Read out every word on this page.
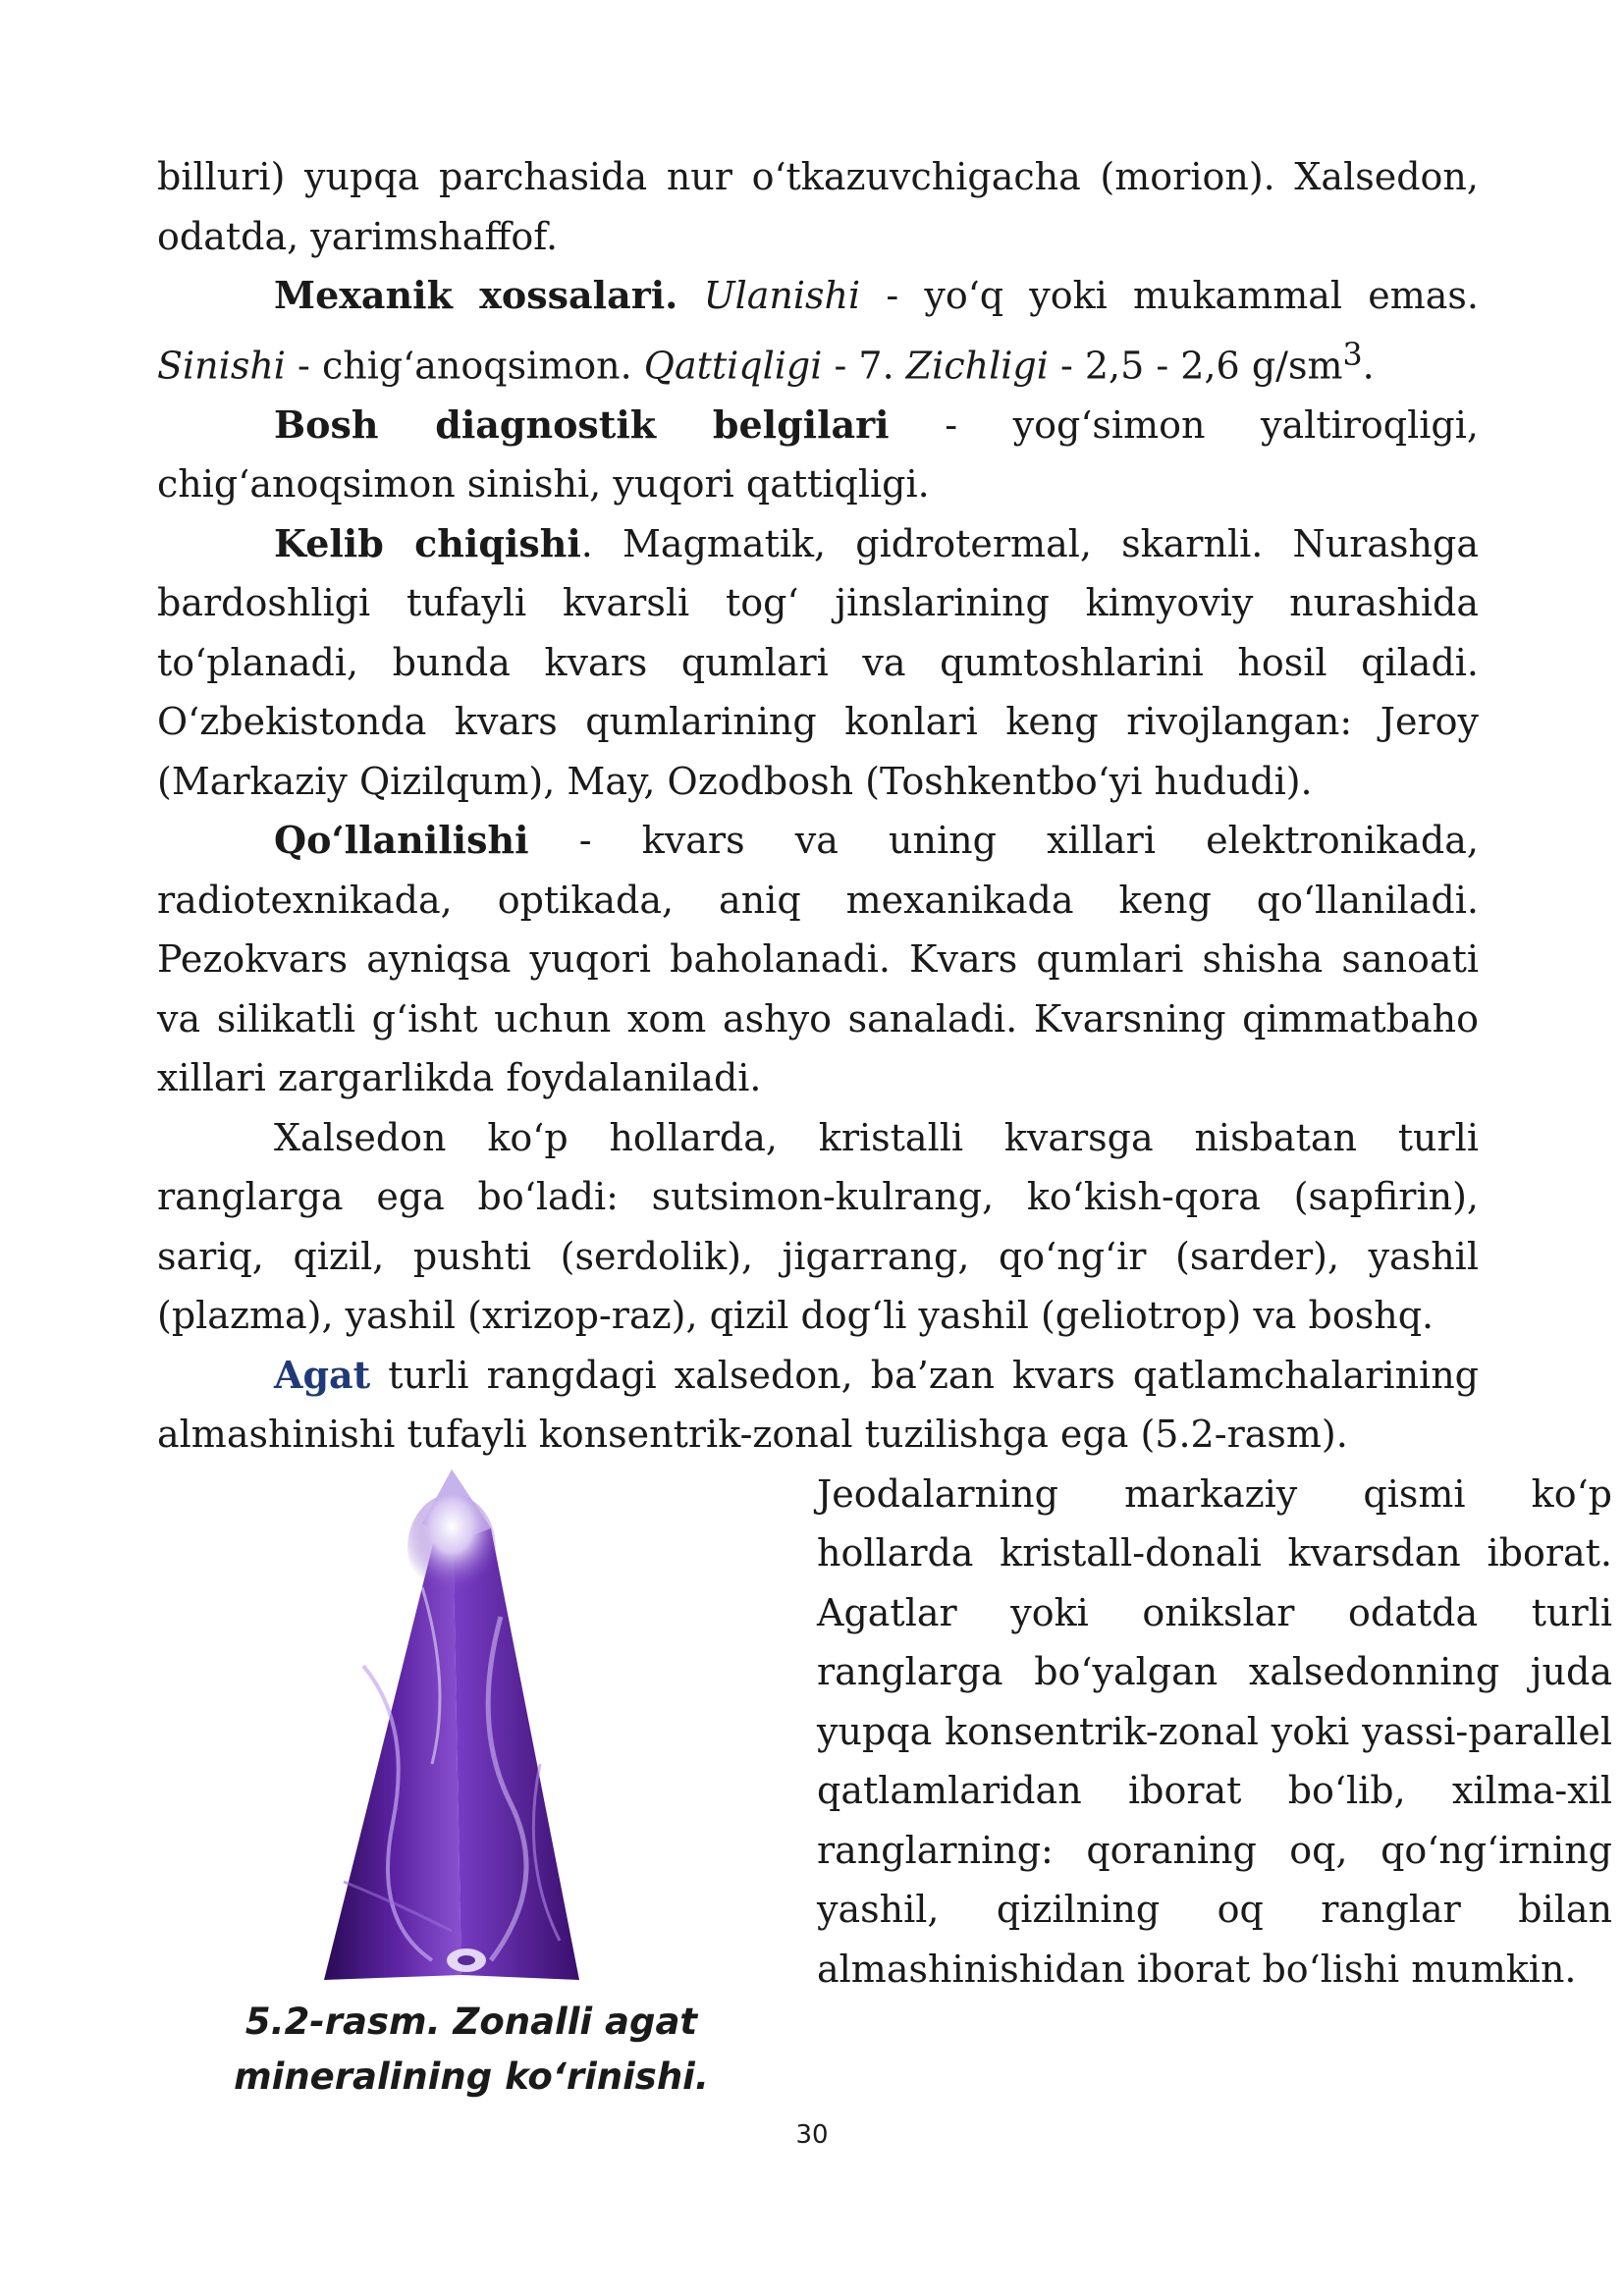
billuri) yupqa parchasida nur o‘tkazuvchigacha (morion). Xalsedon, odatda, yarimshaffof.

Mexanik xossalari. Ulanishi - yo‘q yoki mukammal emas. Sinishi - chig‘anoqsimon. Qattiqligi - 7. Zichligi - 2,5 - 2,6 $g/sm^3$.

Bosh diagnostik belgilari - yog‘simon yaltiroqligi, chig‘anoqsimon sinishi, yuqori qattiqligi.

Kelib chiqishi. Magmatik, gidrotermal, skarnli. Nurashga bardoshligi tufayli kvarsli tog‘ jinslarining kimyoviy nurashida to‘planadi, bunda kvars qumlari va qumtoshlarini hosil qiladi. O‘zbekistonda kvars qumlarining konlari keng rivojlangan: Jeroy (Markaziy Qizilqum), May, Ozodbosh (Toshkentbo‘yi hududi).

Qo‘llanilishi - kvars va uning xillari elektronikada, radiotexnikada, optikada, aniq mexanikada keng qo‘llaniladi. Pezokvars ayniqsa yuqori baholanadi. Kvars qumlari shisha sanoati va silikatli g‘isht uchun xom ashyo sanaladi. Kvarsning qimmatbaho xillari zargarlikda foydalaniladi.

Xalsedon ko‘p hollarda, kristalli kvarsga nisbatan turli ranglarga ega bo‘ladi: sutsimon-kulrang, ko‘kish-qora (sapfirin), sariq, qizil, pushti (serdolik), jigarrang, qo‘ng‘ir (sarder), yashil (plazma), yashil (xrizop-raz), qizil dog‘li yashil (geliotrop) va boshq.

Agat turli rangdagi xalsedon, ba’zan kvars qatlamchalarining almashinishi tufayli konsentrik-zonal tuzilishga ega (5.2-rasm).

5.2-rasm. Zonalli agat mineralining ko‘rinishi.

Jeodalarning markaziy qismi ko‘p hollarda kristall-donali kvarsdan iborat. Agatlar yoki onikslar odatda turli ranglarga bo‘yalgan xalsedonning juda yupqa konsentrik-zonal yoki yassi-parallel qatlamlaridan iborat bo‘lib, xilma-xil ranglarning: qoraning oq, qo‘ng‘irning yashil, qizilning oq ranglar bilan almashinishidan iborat bo‘lishi mumkin.

30
